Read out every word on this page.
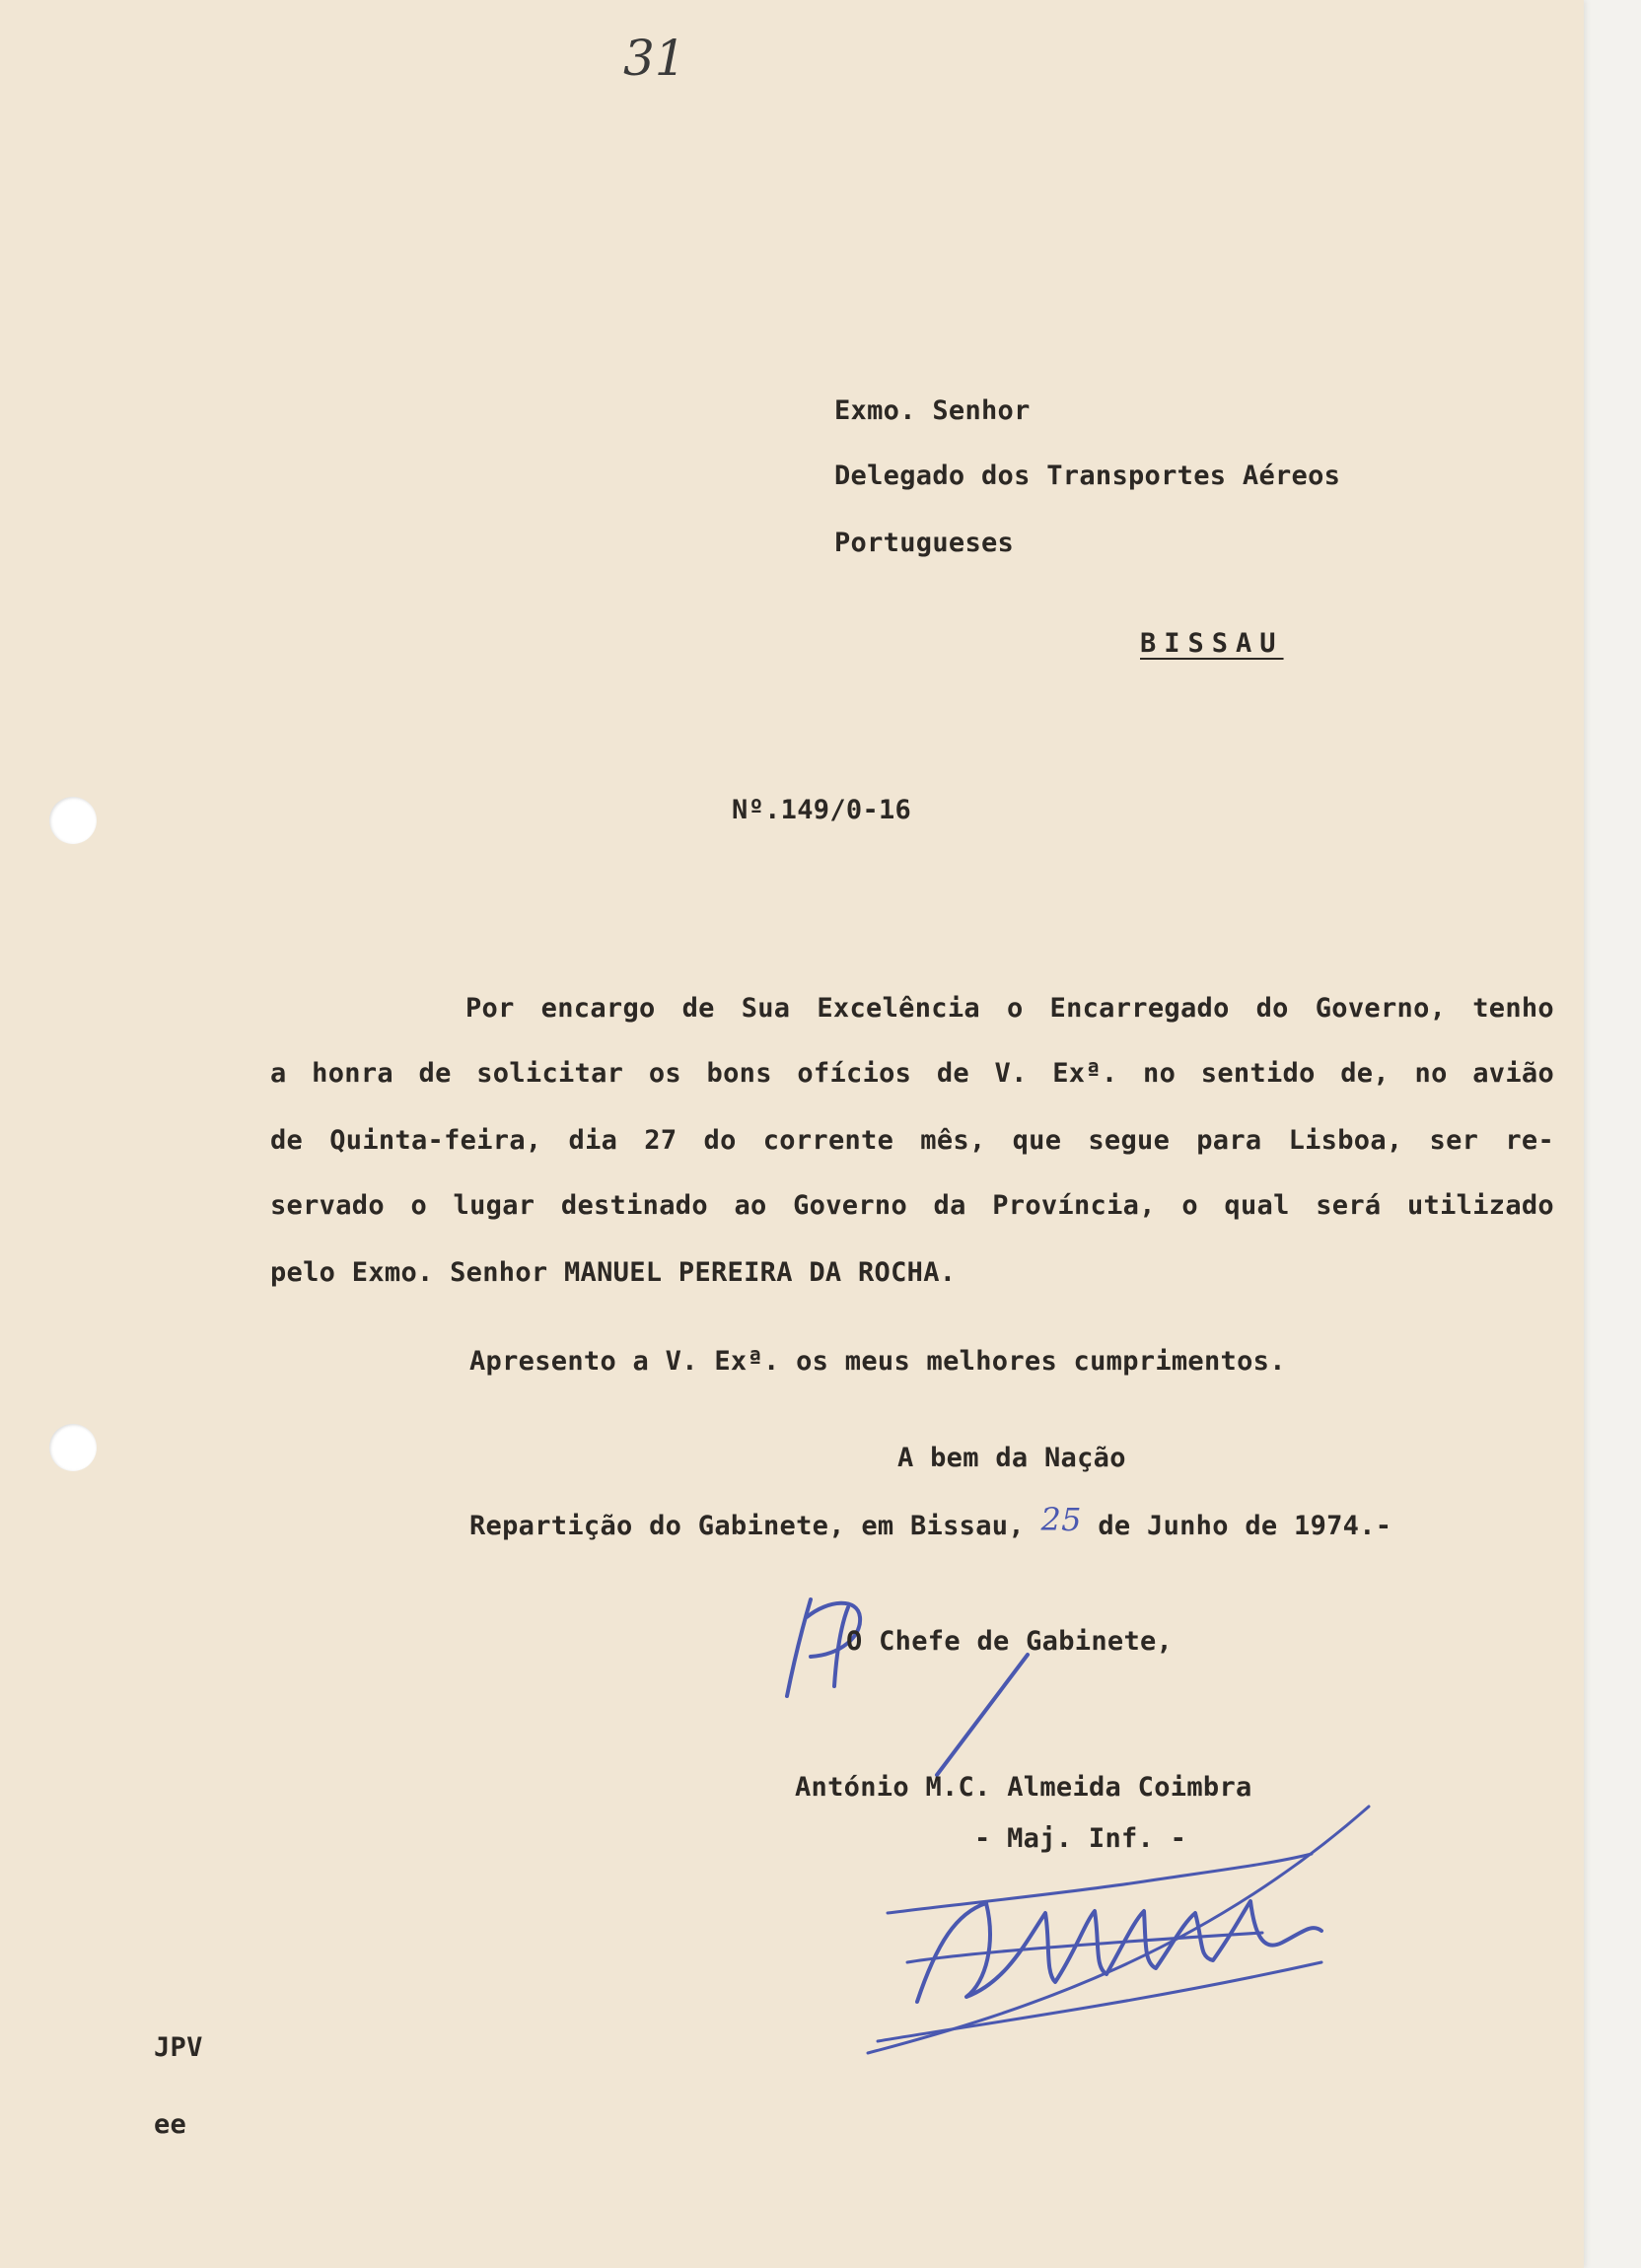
31
Exmo. Senhor
Delegado dos Transportes Aéreos
Portugueses
BISSAU
Nº.149/0-16
Por encargo de Sua Excelência o Encarregado do Governo, tenho
a honra de solicitar os bons ofícios de V. Exª. no sentido de, no avião
de Quinta-feira, dia 27 do corrente mês, que segue para Lisboa, ser re-
servado o lugar destinado ao Governo da Província, o qual será utilizado
pelo Exmo. Senhor MANUEL PEREIRA DA ROCHA.
Apresento a V. Exª. os meus melhores cumprimentos.
A bem da Nação
Repartição do Gabinete, em Bissau, 25 de Junho de 1974.-
O Chefe de Gabinete,
António M.C. Almeida Coimbra
- Maj. Inf. -
JPV
ee
